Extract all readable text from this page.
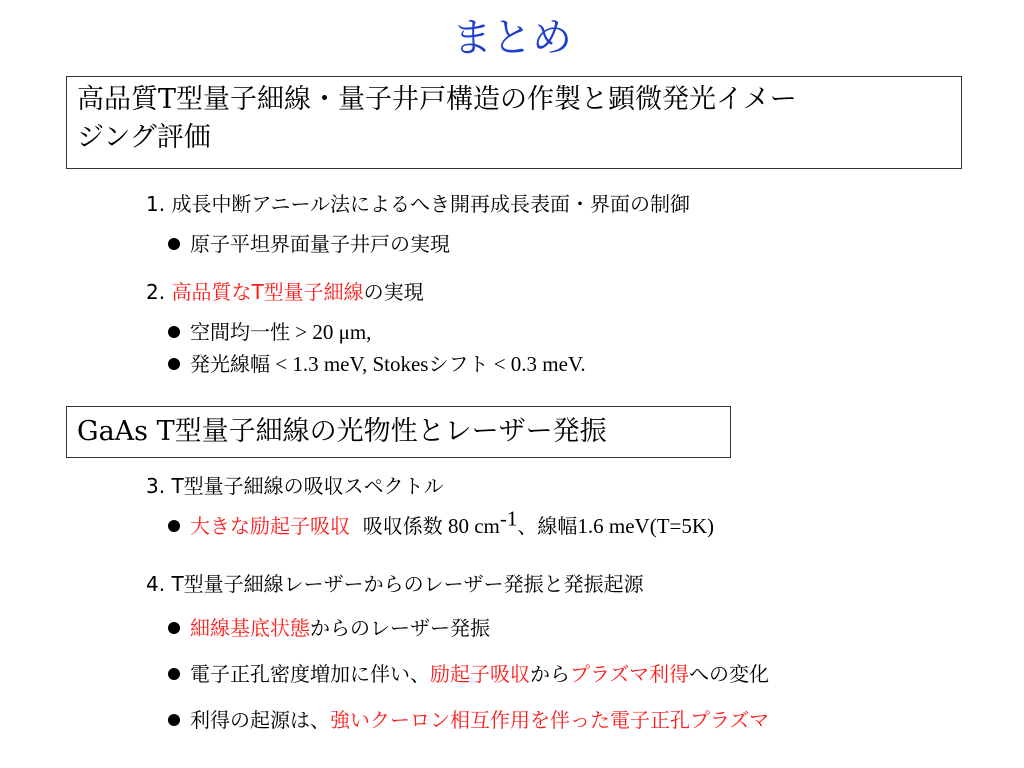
まとめ
高品質T型量子細線・量子井戸構造の作製と顕微発光イメー
ジング評価
1. 成長中断アニール法によるへき開再成長表面・界面の制御
原子平坦界面量子井戸の実現
2. 高品質なT型量子細線の実現
空間均一性 > 20 μm,
発光線幅 < 1.3 meV, Stokesシフト < 0.3 meV.
GaAs T型量子細線の光物性とレーザー発振
3. T型量子細線の吸収スペクトル
大きな励起子吸収  吸収係数 80 $cm^{-1}$、線幅1.6 meV(T=5K)
4. T型量子細線レーザーからのレーザー発振と発振起源
細線基底状態からのレーザー発振
電子正孔密度増加に伴い、励起子吸収からプラズマ利得への変化
利得の起源は、強いクーロン相互作用を伴った電子正孔プラズマ
